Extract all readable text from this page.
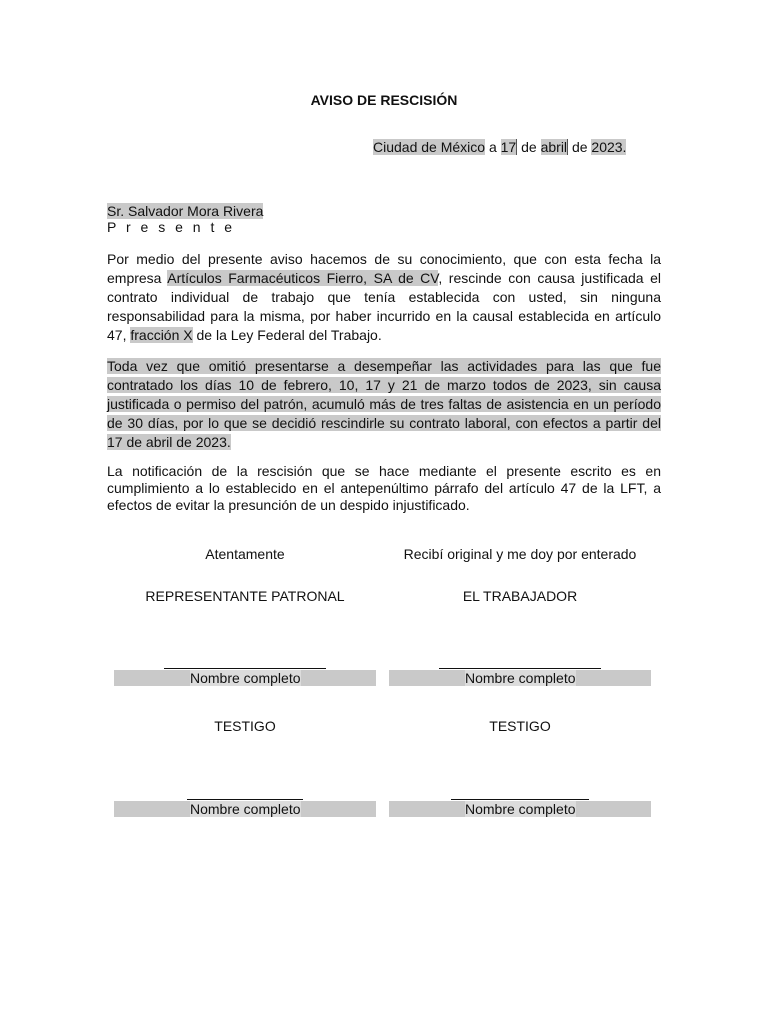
AVISO DE RESCISIÓN
Ciudad de México a 17 de abril de 2023.
Sr. Salvador Mora Rivera
P r e s e n t e
Por medio del presente aviso hacemos de su conocimiento, que con esta fecha la empresa Artículos Farmacéuticos Fierro, SA de CV, rescinde con causa justificada el contrato individual de trabajo que tenía establecida con usted, sin ninguna responsabilidad para la misma, por haber incurrido en la causal establecida en artículo 47, fracción X de la Ley Federal del Trabajo.
Toda vez que omitió presentarse a desempeñar las actividades para las que fue contratado los días 10 de febrero, 10, 17 y 21 de marzo todos de 2023, sin causa justificada o permiso del patrón, acumuló más de tres faltas de asistencia en un período de 30 días, por lo que se decidió rescindirle su contrato laboral, con efectos a partir del 17 de abril de 2023.
La notificación de la rescisión que se hace mediante el presente escrito es en cumplimiento a lo establecido en el antepenúltimo párrafo del artículo 47 de la LFT, a efectos de evitar la presunción de un despido injustificado.
Atentamente	Recibí original y me doy por enterado
REPRESENTANTE PATRONAL	EL TRABAJADOR
Nombre completo	Nombre completo
TESTIGO	TESTIGO
Nombre completo	Nombre completo
